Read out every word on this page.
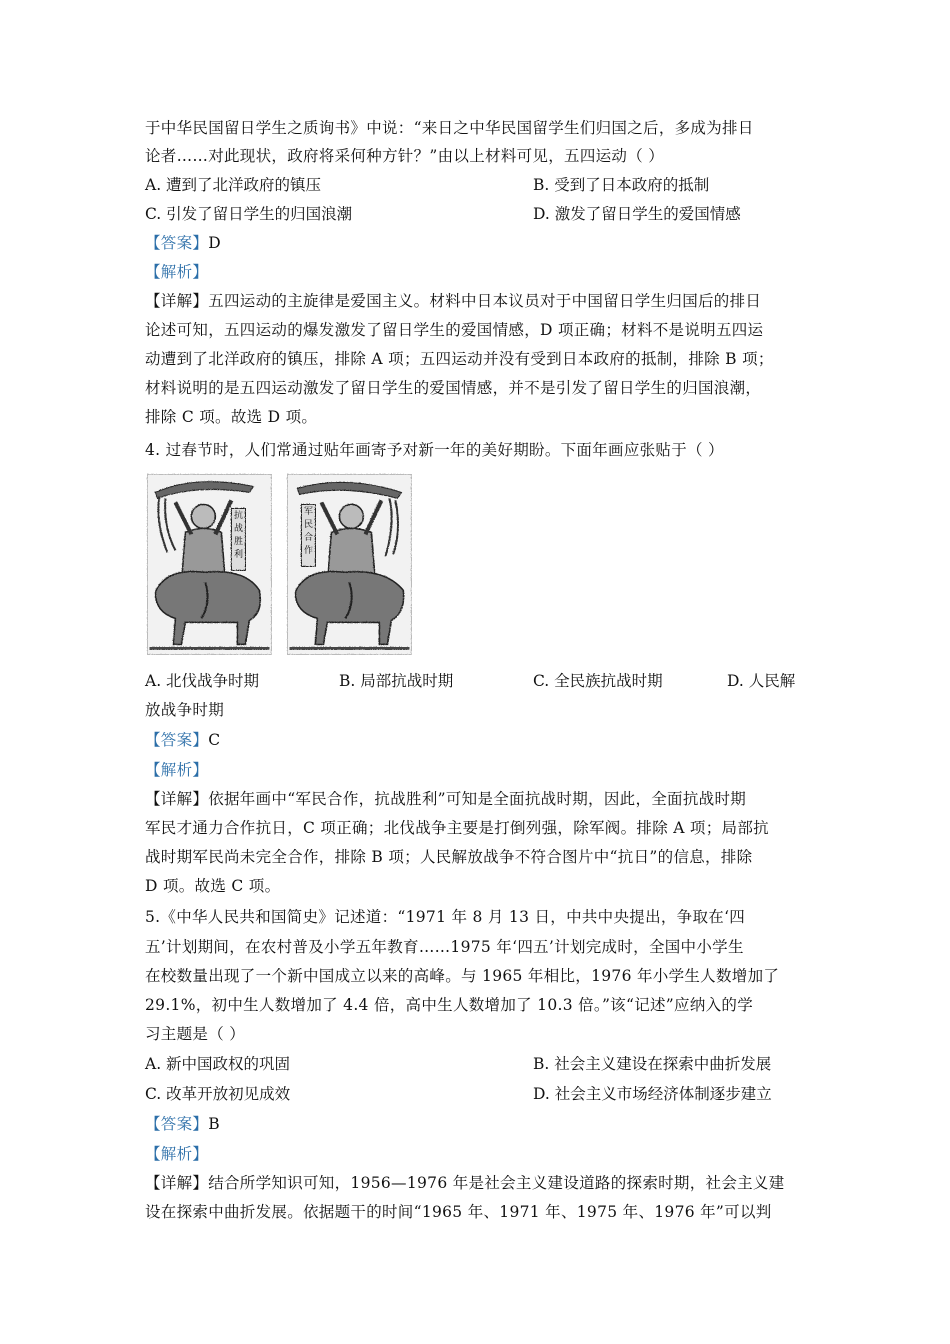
于中华民国留日学生之质询书》中说：“来日之中华民国留学生们归国之后，多成为排日
论者……对此现状，政府将采何种方针？”由以上材料可见，五四运动（ ）
A. 遭到了北洋政府的镇压	B. 受到了日本政府的抵制
C. 引发了留日学生的归国浪潮	D. 激发了留日学生的爱国情感
【答案】D
【解析】
【详解】五四运动的主旋律是爱国主义。材料中日本议员对于中国留日学生归国后的排日
论述可知，五四运动的爆发激发了留日学生的爱国情感，D 项正确；材料不是说明五四运
动遭到了北洋政府的镇压，排除 A 项；五四运动并没有受到日本政府的抵制，排除 B 项；
材料说明的是五四运动激发了留日学生的爱国情感，并不是引发了留日学生的归国浪潮，
排除 C 项。故选 D 项。
4. 过春节时，人们常通过贴年画寄予对新一年的美好期盼。下面年画应张贴于（ ）
抗 战 胜 利
军 民 合 作
A. 北伐战争时期	B. 局部抗战时期	C. 全民族抗战时期	D. 人民解
放战争时期
【答案】C
【解析】
【详解】依据年画中“军民合作，抗战胜利”可知是全面抗战时期，因此，全面抗战时期
军民才通力合作抗日，C 项正确；北伐战争主要是打倒列强，除军阀。排除 A 项；局部抗
战时期军民尚未完全合作，排除 B 项；人民解放战争不符合图片中“抗日”的信息，排除
D 项。故选 C 项。
5.《中华人民共和国简史》记述道：“1971 年 8 月 13 日，中共中央提出，争取在‘四
五’计划期间，在农村普及小学五年教育……1975 年‘四五’计划完成时，全国中小学生
在校数量出现了一个新中国成立以来的高峰。与 1965 年相比，1976 年小学生人数增加了
29.1%，初中生人数增加了 4.4 倍，高中生人数增加了 10.3 倍。”该“记述”应纳入的学
习主题是（ ）
A. 新中国政权的巩固	B. 社会主义建设在探索中曲折发展
C. 改革开放初见成效	D. 社会主义市场经济体制逐步建立
【答案】B
【解析】
【详解】结合所学知识可知，1956—1976 年是社会主义建设道路的探索时期，社会主义建
设在探索中曲折发展。依据题干的时间“1965 年、1971 年、1975 年、1976 年”可以判
